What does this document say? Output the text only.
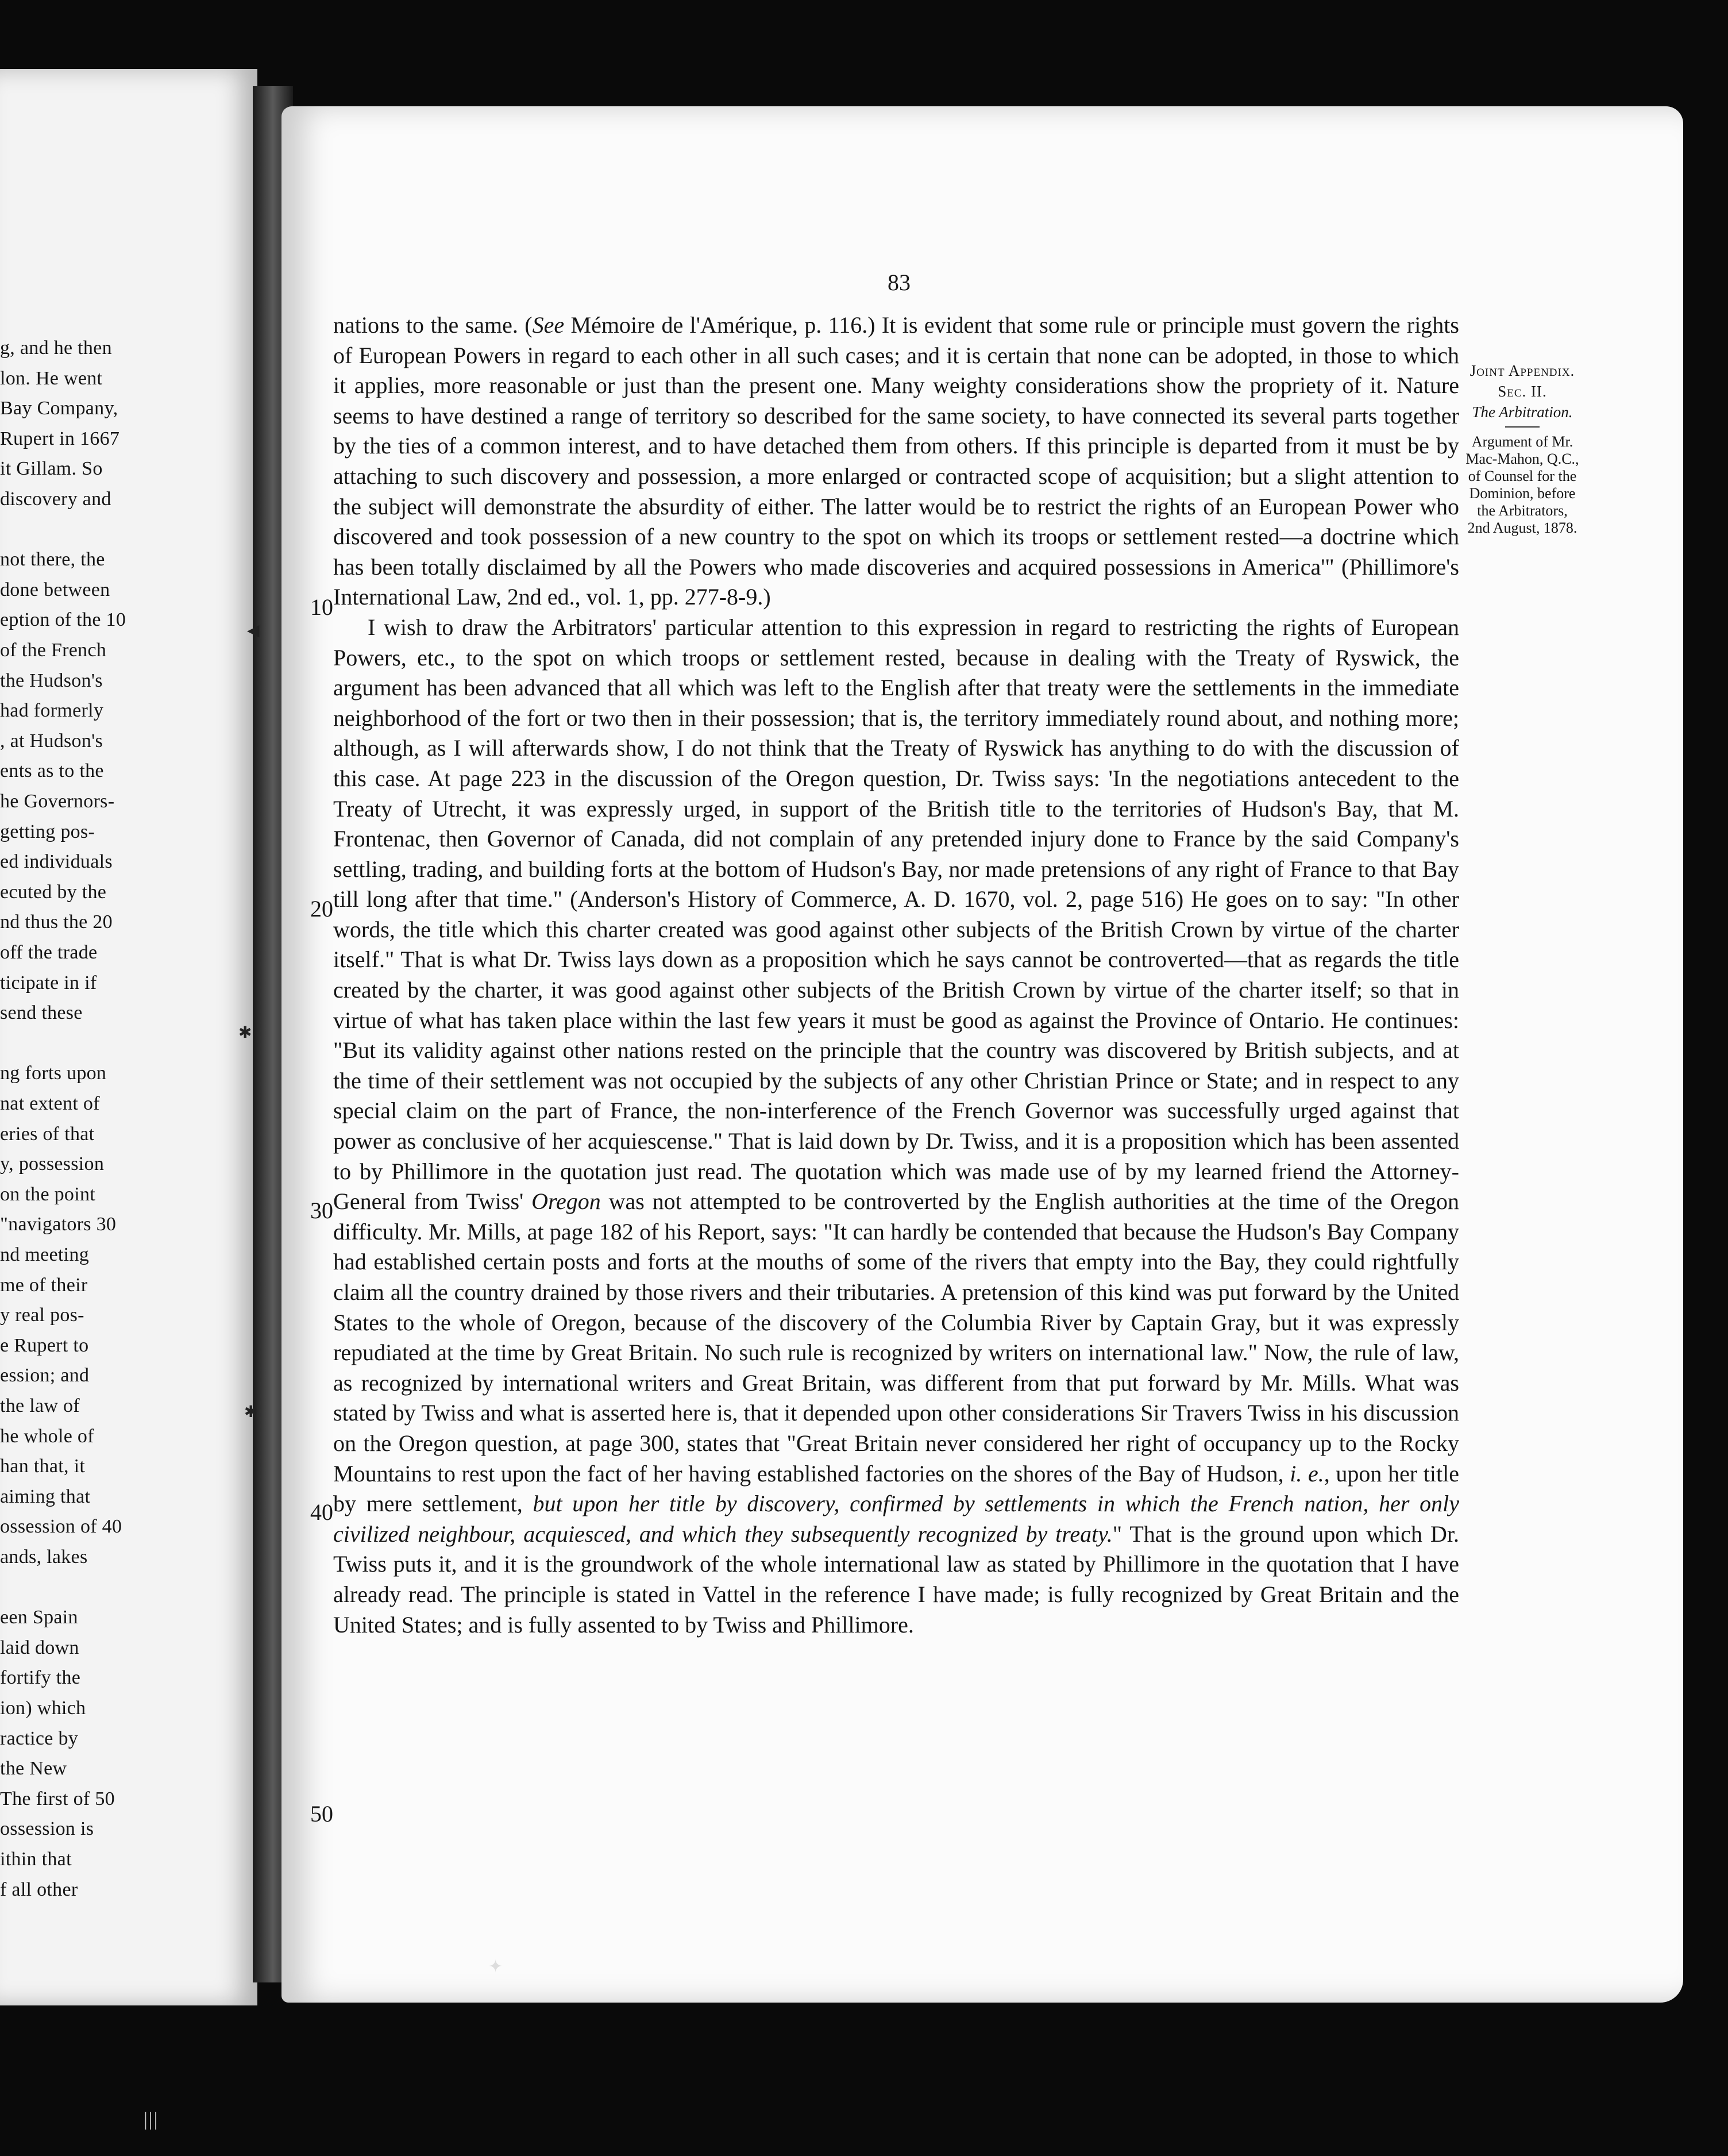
g, and he then
lon. He went
Bay Company,
Rupert in 1667
it Gillam. So
discovery and
not there, the
done between
eption of the 10
of the French
the Hudson's
had formerly
, at Hudson's
ents as to the
he Governors-
getting pos-
ed individuals
ecuted by the
nd thus the 20
off the trade
ticipate in if
send these
ng forts upon
nat extent of
eries of that
y, possession
on the point
"navigators 30
nd meeting
me of their
y real pos-
e Rupert to
ession; and
the law of
he whole of
han that, it
aiming that
ossession of 40
ands, lakes
een Spain
laid down
fortify the
ion) which
ractice by
the New
The first of 50
ossession is
ithin that
f all other
83

nations to the same. (See Mémoire de l'Amérique, p. 116.) It is evident that some rule or principle must govern the rights of European Powers in regard to each other in all such cases; and it is certain that none can be adopted, in those to which it applies, more reasonable or just than the present one. Many weighty considerations show the propriety of it. Nature seems to have destined a range of territory so described for the same society, to have connected its several parts together by the ties of a common interest, and to have detached them from others. If this principle is departed from it must be by attaching to such discovery and possession, a more enlarged or contracted scope of acquisition; but a slight attention to the subject will demonstrate the absurdity of either. The latter would be to restrict the rights of an European Power who discovered and took possession of a new country to the spot on which its troops or settlement rested—a doctrine which has been totally disclaimed by all the Powers who made discoveries and acquired possessions in America'" (Phillimore's International Law, 2nd ed., vol. 1, pp. 277-8-9.)

I wish to draw the Arbitrators' particular attention to this expression in regard to restricting the rights of European Powers, etc., to the spot on which troops or settlement rested, because in dealing with the Treaty of Ryswick, the argument has been advanced that all which was left to the English after that treaty were the settlements in the immediate neighborhood of the fort or two then in their possession; that is, the territory immediately round about, and nothing more; although, as I will afterwards show, I do not think that the Treaty of Ryswick has anything to do with the discussion of this case. At page 223 in the discussion of the Oregon question, Dr. Twiss says: 'In the negotiations antecedent to the Treaty of Utrecht, it was expressly urged, in support of the British title to the territories of Hudson's Bay, that M. Frontenac, then Governor of Canada, did not complain of any pretended injury done to France by the said Company's settling, trading, and building forts at the bottom of Hudson's Bay, nor made pretensions of any right of France to that Bay till long after that time." (Anderson's History of Commerce, A. D. 1670, vol. 2, page 516) He goes on to say: "In other words, the title which this charter created was good against other subjects of the British Crown by virtue of the charter itself." That is what Dr. Twiss lays down as a proposition which he says cannot be controverted—that as regards the title created by the charter, it was good against other subjects of the British Crown by virtue of the charter itself; so that in virtue of what has taken place within the last few years it must be good as against the Province of Ontario. He continues: "But its validity against other nations rested on the principle that the country was discovered by British subjects, and at the time of their settlement was not occupied by the subjects of any other Christian Prince or State; and in respect to any special claim on the part of France, the non-interference of the French Governor was successfully urged against that power as conclusive of her acquiescense." That is laid down by Dr. Twiss, and it is a proposition which has been assented to by Phillimore in the quotation just read. The quotation which was made use of by my learned friend the Attorney-General from Twiss' Oregon was not attempted to be controverted by the English authorities at the time of the Oregon difficulty. Mr. Mills, at page 182 of his Report, says: "It can hardly be contended that because the Hudson's Bay Company had established certain posts and forts at the mouths of some of the rivers that empty into the Bay, they could rightfully claim all the country drained by those rivers and their tributaries. A pretension of this kind was put forward by the United States to the whole of Oregon, because of the discovery of the Columbia River by Captain Gray, but it was expressly repudiated at the time by Great Britain. No such rule is recognized by writers on international law." Now, the rule of law, as recognized by international writers and Great Britain, was different from that put forward by Mr. Mills. What was stated by Twiss and what is asserted here is, that it depended upon other considerations Sir Travers Twiss in his discussion on the Oregon question, at page 300, states that "Great Britain never considered her right of occupancy up to the Rocky Mountains to rest upon the fact of her having established factories on the shores of the Bay of Hudson, i. e., upon her title by mere settlement, but upon her title by discovery, confirmed by settlements in which the French nation, her only civilized neighbour, acquiesced, and which they subsequently recognized by treaty." That is the ground upon which Dr. Twiss puts it, and it is the groundwork of the whole international law as stated by Phillimore in the quotation that I have already read. The principle is stated in Vattel in the reference I have made; is fully recognized by Great Britain and the United States; and is fully assented to by Twiss and Phillimore.

10
20
30
40
50
Joint Appendix.
Sec. II.
The Arbitration.
Argument of Mr. Mac-Mahon, Q.C., of Counsel for the Dominion, before the Arbitrators, 2nd August, 1878.
◀
✱
✱
✦
|||
